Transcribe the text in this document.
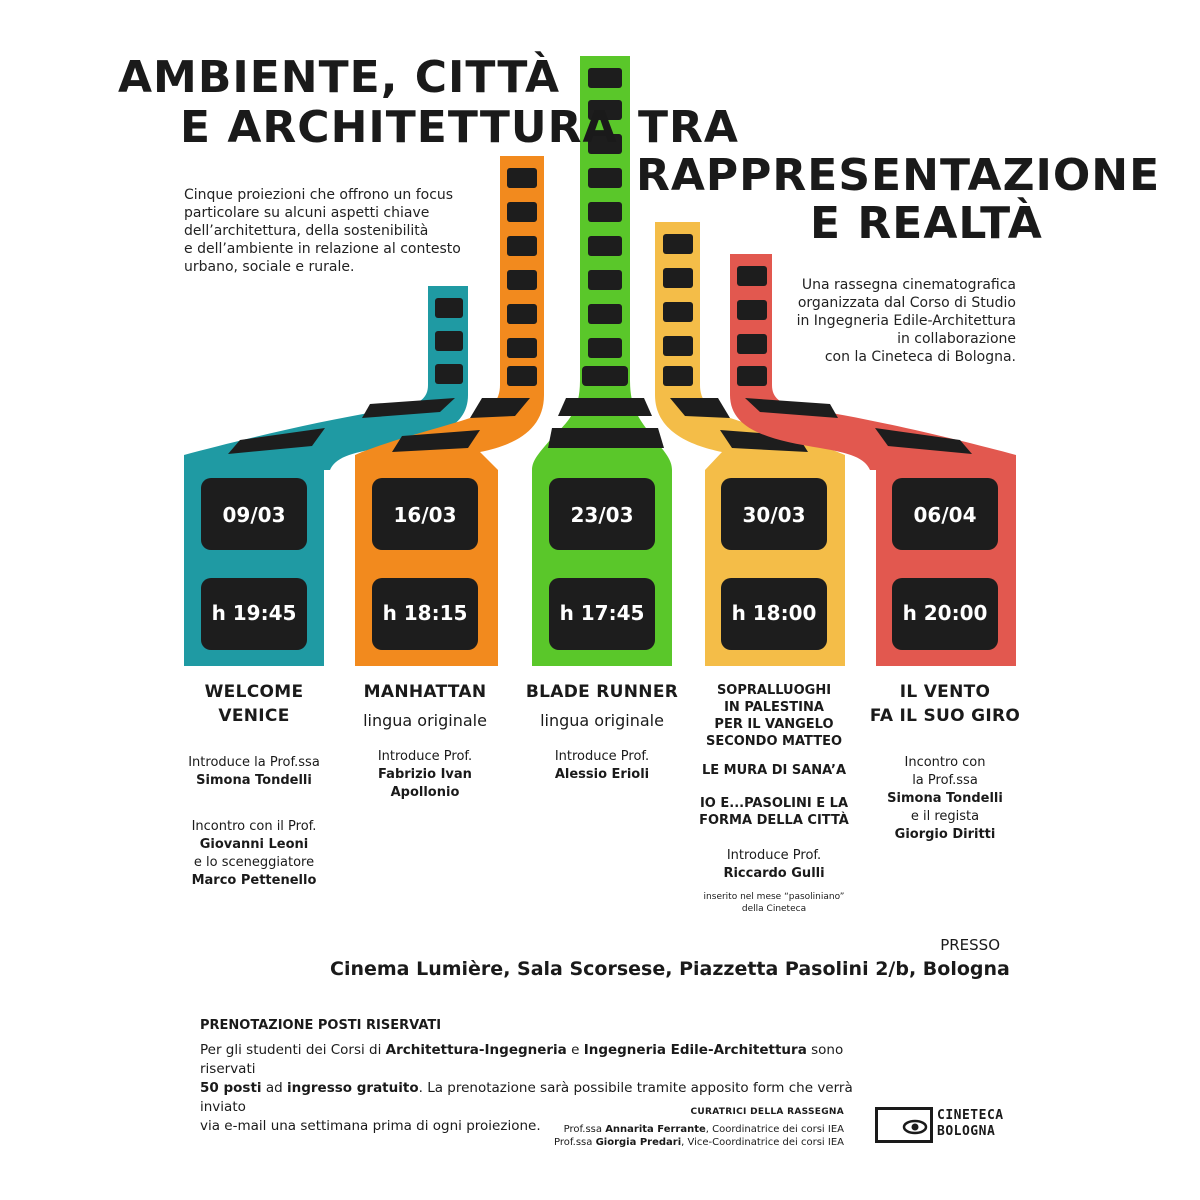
09/03
h 19:45
16/03
h 18:15
23/03
h 17:45
30/03
h 18:00
06/04
h 20:00
AMBIENTE, CITTÀ
E ARCHITETTURA TRA
RAPPRESENTAZIONE
E REALTÀ
Cinque proiezioni che offrono un focus
particolare su alcuni aspetti chiave
dell’architettura, della sostenibilità
e dell’ambiente in relazione al contesto
urbano, sociale e rurale.
Una rassegna cinematografica
organizzata dal Corso di Studio
in Ingegneria Edile-Architettura
in collaborazione
con la Cineteca di Bologna.
WELCOME
VENICE
Introduce la Prof.ssa
Simona Tondelli
Incontro con il Prof.
Giovanni Leoni
e lo sceneggiatore
Marco Pettenello
MANHATTAN
lingua originale
Introduce Prof.
Fabrizio Ivan
Apollonio
BLADE RUNNER
lingua originale
Introduce Prof.
Alessio Erioli
SOPRALLUOGHI
IN PALESTINA
PER IL VANGELO
SECONDO MATTEO
LE MURA DI SANA’A
IO E...PASOLINI E LA
FORMA DELLA CITTÀ
Introduce Prof.
Riccardo Gulli
inserito nel mese “pasoliniano”
della Cineteca
IL VENTO
FA IL SUO GIRO
Incontro con
la Prof.ssa
Simona Tondelli
e il regista
Giorgio Diritti
PRESSO
Cinema Lumière, Sala Scorsese, Piazzetta Pasolini 2/b, Bologna
PRENOTAZIONE POSTI RISERVATI
Per gli studenti dei Corsi di Architettura-Ingegneria e Ingegneria Edile-Architettura sono riservati
50 posti ad ingresso gratuito. La prenotazione sarà possibile tramite apposito form che verrà inviato
via e-mail una settimana prima di ogni proiezione.
CURATRICI DELLA RASSEGNA
Prof.ssa Annarita Ferrante, Coordinatrice dei corsi IEA
Prof.ssa Giorgia Predari, Vice-Coordinatrice dei corsi IEA
CINETECA
BOLOGNA
